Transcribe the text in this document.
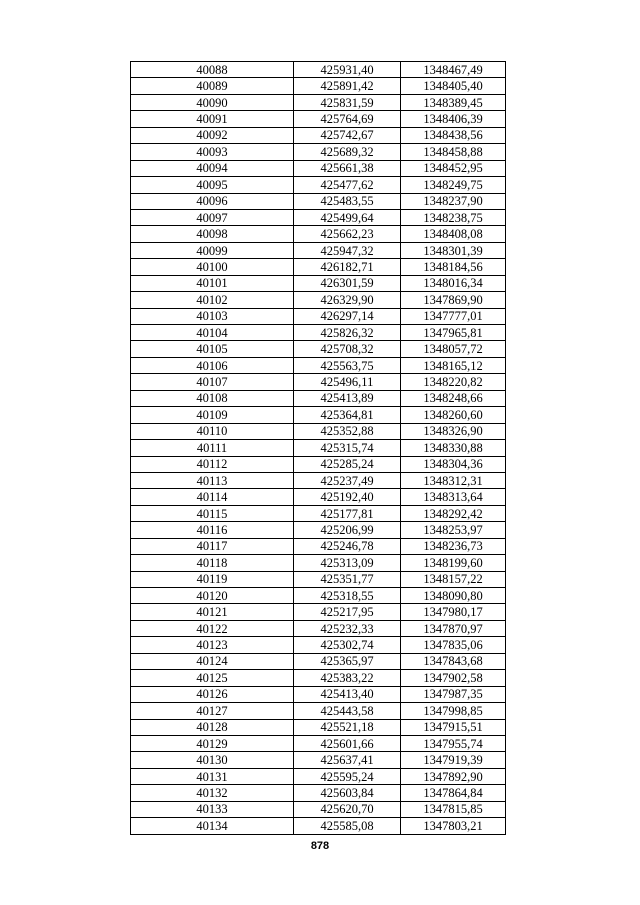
40088	425931,40	1348467,49
40089	425891,42	1348405,40
40090	425831,59	1348389,45
40091	425764,69	1348406,39
40092	425742,67	1348438,56
40093	425689,32	1348458,88
40094	425661,38	1348452,95
40095	425477,62	1348249,75
40096	425483,55	1348237,90
40097	425499,64	1348238,75
40098	425662,23	1348408,08
40099	425947,32	1348301,39
40100	426182,71	1348184,56
40101	426301,59	1348016,34
40102	426329,90	1347869,90
40103	426297,14	1347777,01
40104	425826,32	1347965,81
40105	425708,32	1348057,72
40106	425563,75	1348165,12
40107	425496,11	1348220,82
40108	425413,89	1348248,66
40109	425364,81	1348260,60
40110	425352,88	1348326,90
40111	425315,74	1348330,88
40112	425285,24	1348304,36
40113	425237,49	1348312,31
40114	425192,40	1348313,64
40115	425177,81	1348292,42
40116	425206,99	1348253,97
40117	425246,78	1348236,73
40118	425313,09	1348199,60
40119	425351,77	1348157,22
40120	425318,55	1348090,80
40121	425217,95	1347980,17
40122	425232,33	1347870,97
40123	425302,74	1347835,06
40124	425365,97	1347843,68
40125	425383,22	1347902,58
40126	425413,40	1347987,35
40127	425443,58	1347998,85
40128	425521,18	1347915,51
40129	425601,66	1347955,74
40130	425637,41	1347919,39
40131	425595,24	1347892,90
40132	425603,84	1347864,84
40133	425620,70	1347815,85
40134	425585,08	1347803,21
878
